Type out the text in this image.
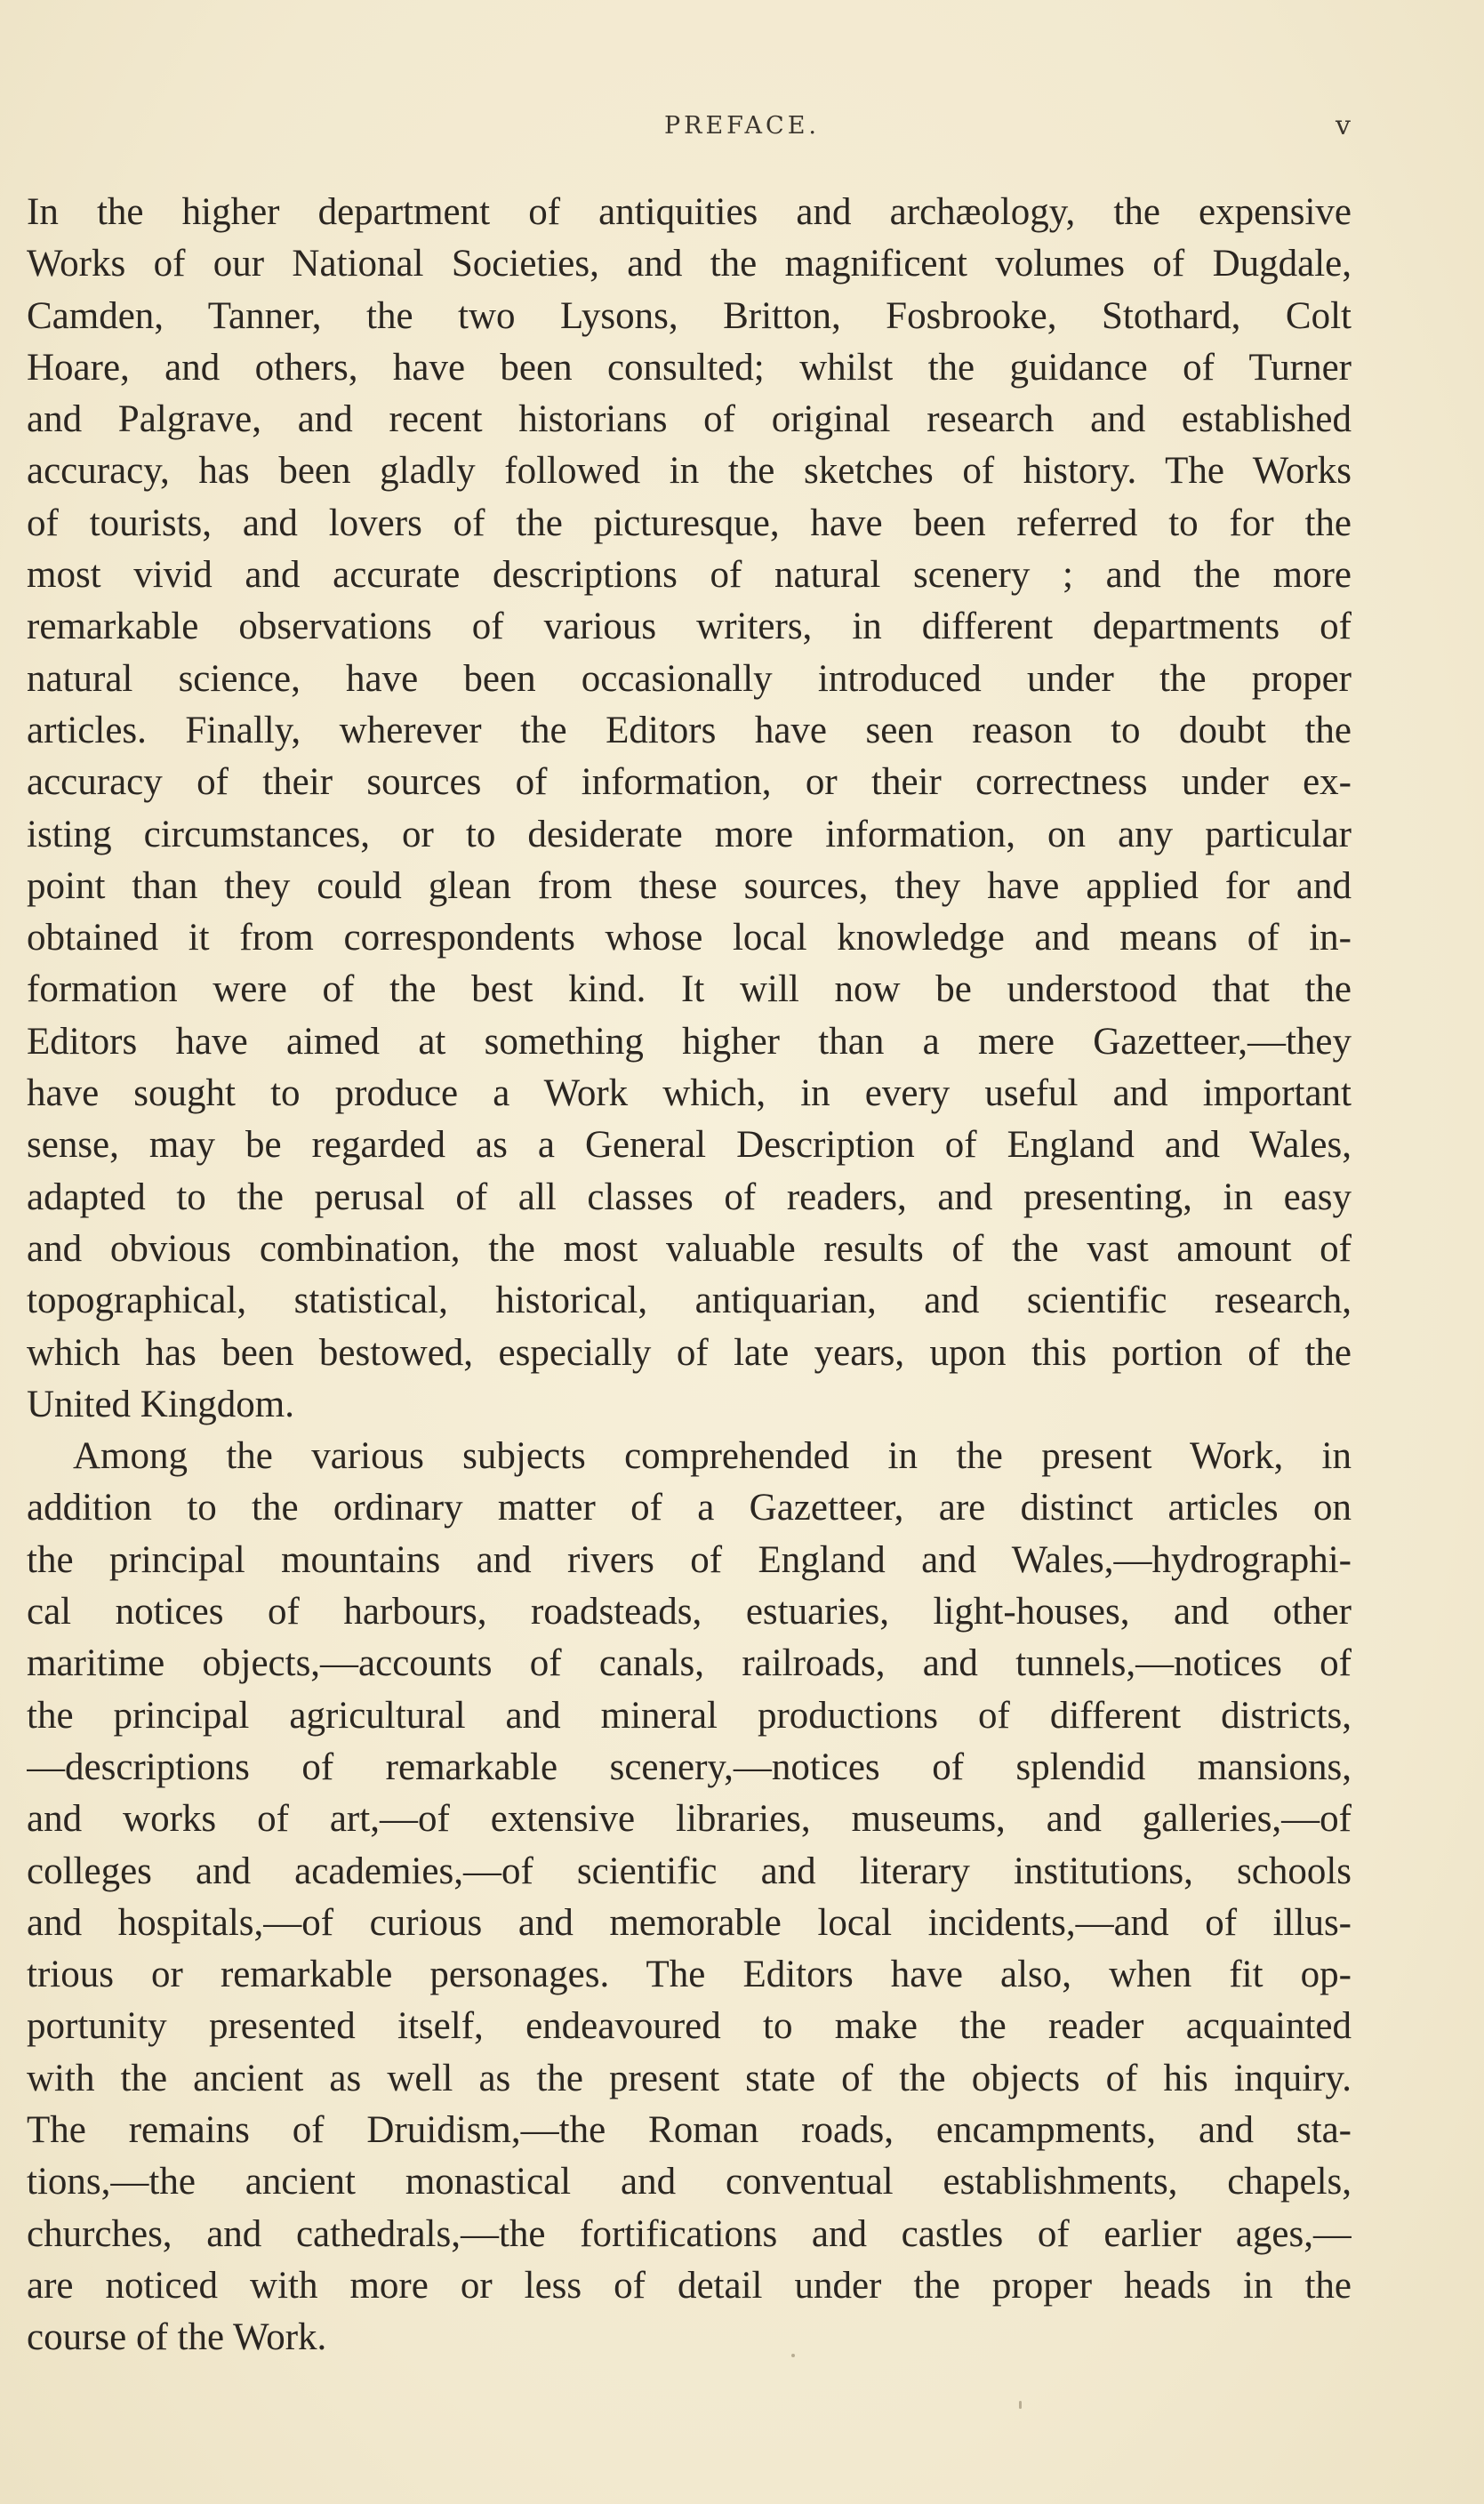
PREFACE.	v

In the higher department of antiquities and archæology, the expensive
Works of our National Societies, and the magnificent volumes of Dugdale,
Camden, Tanner, the two Lysons, Britton, Fosbrooke, Stothard, Colt
Hoare, and others, have been consulted; whilst the guidance of Turner
and Palgrave, and recent historians of original research and established
accuracy, has been gladly followed in the sketches of history. The Works
of tourists, and lovers of the picturesque, have been referred to for the
most vivid and accurate descriptions of natural scenery ; and the more
remarkable observations of various writers, in different departments of
natural science, have been occasionally introduced under the proper
articles. Finally, wherever the Editors have seen reason to doubt the
accuracy of their sources of information, or their correctness under ex-
isting circumstances, or to desiderate more information, on any particular
point than they could glean from these sources, they have applied for and
obtained it from correspondents whose local knowledge and means of in-
formation were of the best kind. It will now be understood that the
Editors have aimed at something higher than a mere Gazetteer,—they
have sought to produce a Work which, in every useful and important
sense, may be regarded as a General Description of England and Wales,
adapted to the perusal of all classes of readers, and presenting, in easy
and obvious combination, the most valuable results of the vast amount of
topographical, statistical, historical, antiquarian, and scientific research,
which has been bestowed, especially of late years, upon this portion of the
United Kingdom.

Among the various subjects comprehended in the present Work, in
addition to the ordinary matter of a Gazetteer, are distinct articles on
the principal mountains and rivers of England and Wales,—hydrographi-
cal notices of harbours, roadsteads, estuaries, light-houses, and other
maritime objects,—accounts of canals, railroads, and tunnels,—notices of
the principal agricultural and mineral productions of different districts,
—descriptions of remarkable scenery,—notices of splendid mansions,
and works of art,—of extensive libraries, museums, and galleries,—of
colleges and academies,—of scientific and literary institutions, schools
and hospitals,—of curious and memorable local incidents,—and of illus-
trious or remarkable personages. The Editors have also, when fit op-
portunity presented itself, endeavoured to make the reader acquainted
with the ancient as well as the present state of the objects of his inquiry.
The remains of Druidism,—the Roman roads, encampments, and sta-
tions,—the ancient monastical and conventual establishments, chapels,
churches, and cathedrals,—the fortifications and castles of earlier ages,—
are noticed with more or less of detail under the proper heads in the
course of the Work.
